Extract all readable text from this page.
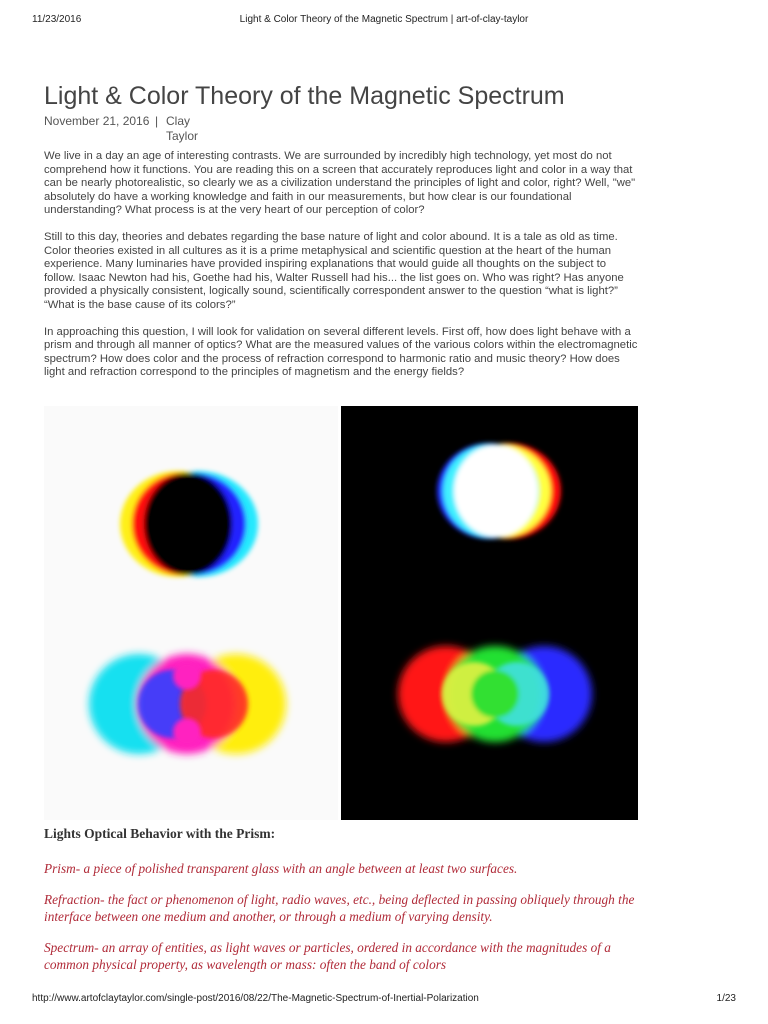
11/23/2016	Light & Color Theory of the Magnetic Spectrum | art-of-clay-taylor
Light & Color Theory of the Magnetic Spectrum
November 21, 2016 | Clay Taylor

We live in a day an age of interesting contrasts. We are surrounded by incredibly high technology, yet most do not comprehend how it functions. You are reading this on a screen that accurately reproduces light and color in a way that can be nearly photorealistic, so clearly we as a civilization understand the principles of light and color, right? Well, "we" absolutely do have a working knowledge and faith in our measurements, but how clear is our foundational understanding? What process is at the very heart of our perception of color?

Still to this day, theories and debates regarding the base nature of light and color abound. It is a tale as old as time. Color theories existed in all cultures as it is a prime metaphysical and scientific question at the heart of the human experience. Many luminaries have provided inspiring explanations that would guide all thoughts on the subject to follow. Isaac Newton had his, Goethe had his, Walter Russell had his... the list goes on. Who was right? Has anyone provided a physically consistent, logically sound, scientifically correspondent answer to the question “what is light?” “What is the base cause of its colors?”

In approaching this question, I will look for validation on several different levels. First off, how does light behave with a prism and through all manner of optics? What are the measured values of the various colors within the electromagnetic spectrum? How does color and the process of refraction correspond to harmonic ratio and music theory? How does light and refraction correspond to the principles of magnetism and the energy fields?

Lights Optical Behavior with the Prism:

Prism- a piece of polished transparent glass with an angle between at least two surfaces.

Refraction- the fact or phenomenon of light, radio waves, etc., being deflected in passing obliquely through the interface between one medium and another, or through a medium of varying density.

Spectrum- an array of entities, as light waves or particles, ordered in accordance with the magnitudes of a common physical property, as wavelength or mass: often the band of colors

http://www.artofclaytaylor.com/single-post/2016/08/22/The-Magnetic-Spectrum-of-Inertial-Polarization	1/23
